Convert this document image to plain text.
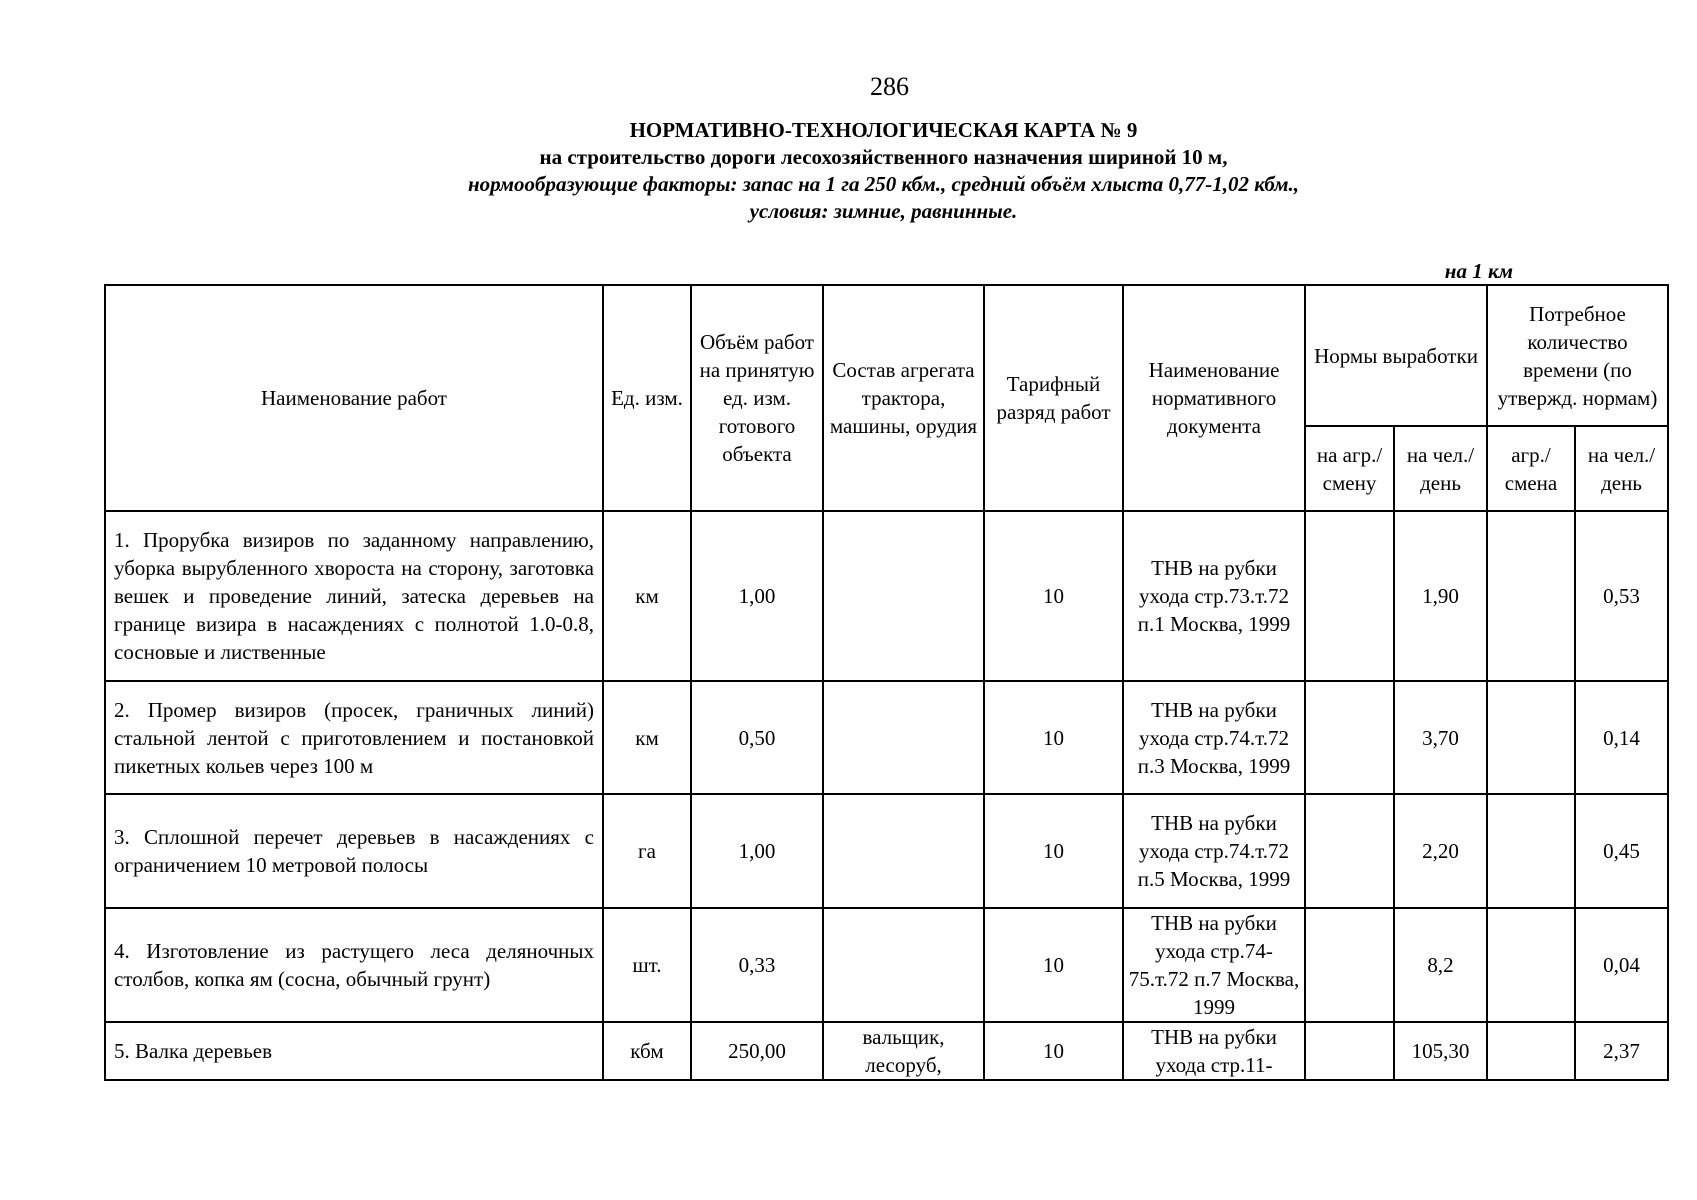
286
НОРМАТИВНО-ТЕХНОЛОГИЧЕСКАЯ КАРТА № 9
на строительство дороги лесохозяйственного назначения шириной 10 м,
нормообразующие факторы: запас на 1 га 250 кбм., средний объём хлыста 0,77-1,02 кбм.,
условия: зимние, равнинные.
на 1 км
Наименование работ	Ед. изм.	Объём работ на принятую ед. изм. готового объекта	Состав агрегата трактора, машины, орудия	Тарифный разряд работ	Наименование нормативного документа	Нормы выработки		Потребное количество времени (по утвержд. нормам)	
						на агр./ смену	на чел./ день	агр./ смена	на чел./ день
1. Прорубка визиров по заданному направлению, уборка вырубленного хвороста на сторону, заготовка вешек и проведение линий, затеска деревьев на границе визира в насаждениях с полнотой 1.0-0.8, сосновые и лиственные	км	1,00		10	ТНВ на рубки ухода стр.73.т.72 п.1 Москва, 1999		1,90		0,53
2. Промер визиров (просек, граничных линий) стальной лентой с приготовлением и постановкой пикетных кольев через 100 м	км	0,50		10	ТНВ на рубки ухода стр.74.т.72 п.3 Москва, 1999		3,70		0,14
3. Сплошной перечет деревьев в насаждениях с ограничением 10 метровой полосы	га	1,00		10	ТНВ на рубки ухода стр.74.т.72 п.5 Москва, 1999		2,20		0,45
4. Изготовление из растущего леса деляночных столбов, копка ям (сосна, обычный грунт)	шт.	0,33		10	ТНВ на рубки ухода стр.74-75.т.72 п.7 Москва, 1999		8,2		0,04
5. Валка деревьев	кбм	250,00	вальщик, лесоруб,	10	ТНВ на рубки ухода стр.11-		105,30		2,37
